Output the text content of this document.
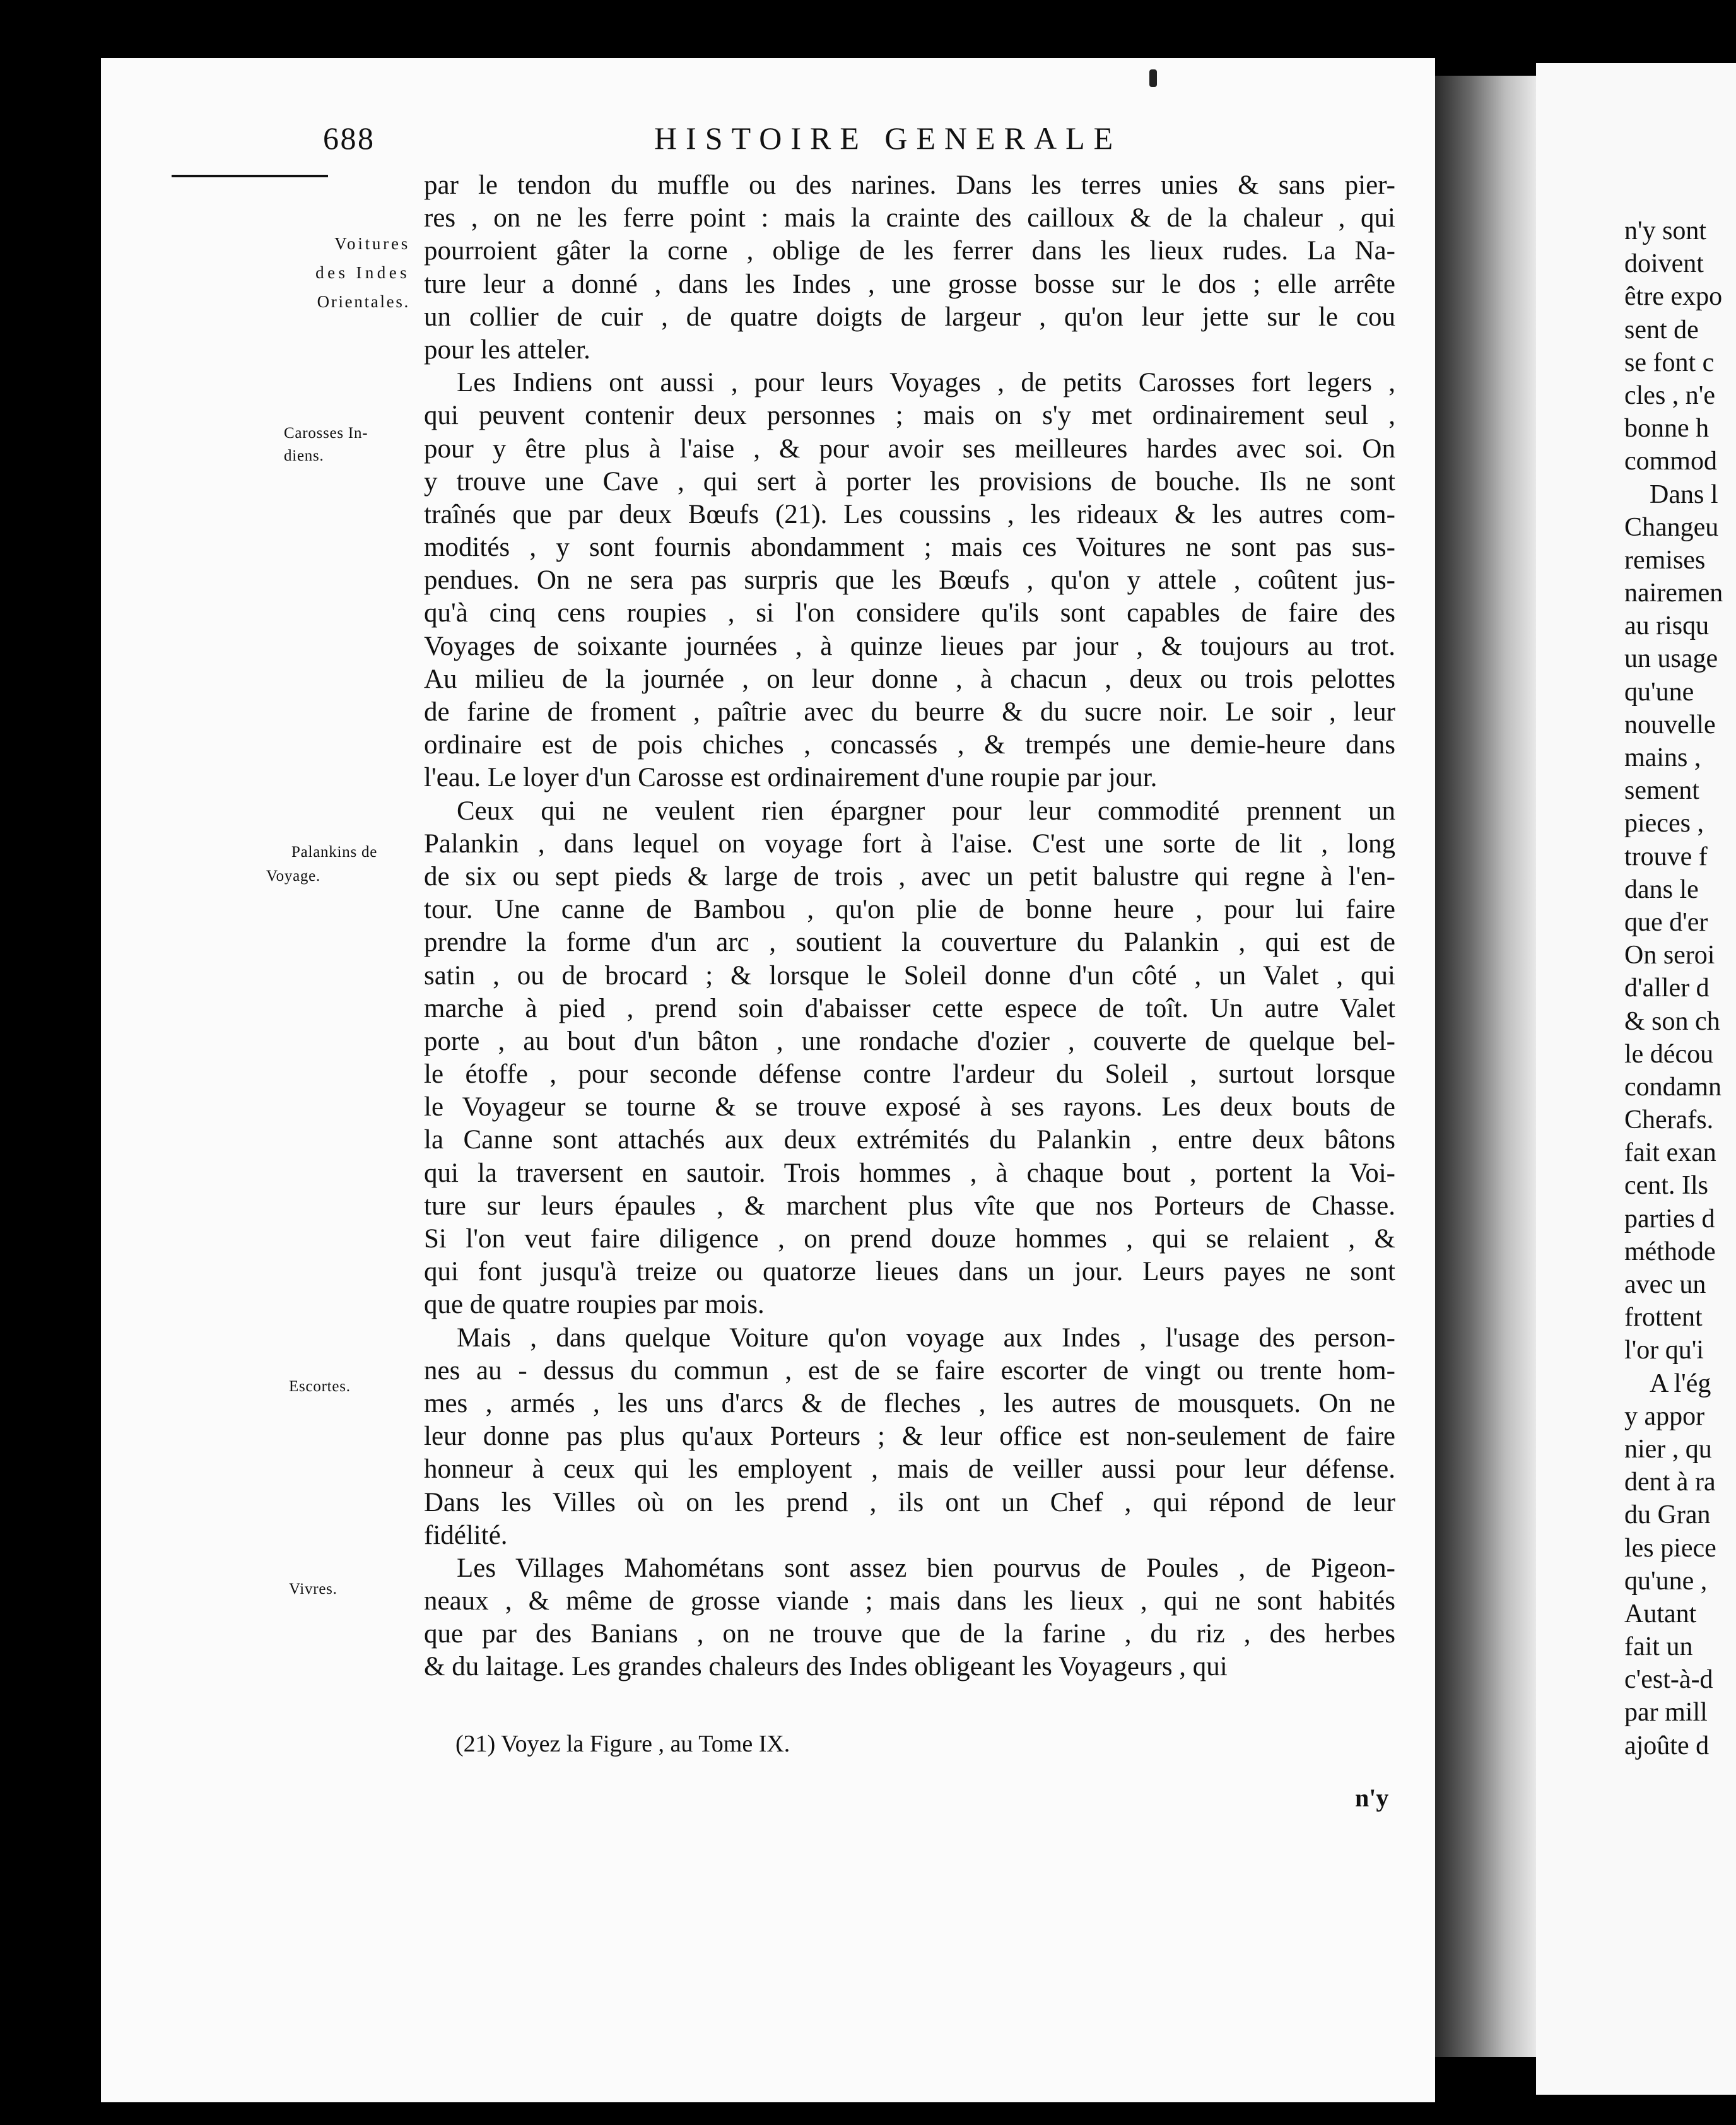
688	HISTOIRE GENERALE
Voitures
des Indes
Orientales.
Carosses In-
diens.
Palankins de
Voyage.
Escortes.
Vivres.
par le tendon du muffle ou des narines. Dans les terres unies & sans pier-
res , on ne les ferre point : mais la crainte des cailloux & de la chaleur , qui
pourroient gâter la corne , oblige de les ferrer dans les lieux rudes. La Na-
ture leur a donné , dans les Indes , une grosse bosse sur le dos ; elle arrête
un collier de cuir , de quatre doigts de largeur , qu'on leur jette sur le cou
pour les atteler.
Les Indiens ont aussi , pour leurs Voyages , de petits Carosses fort legers ,
qui peuvent contenir deux personnes ; mais on s'y met ordinairement seul ,
pour y être plus à l'aise , & pour avoir ses meilleures hardes avec soi. On
y trouve une Cave , qui sert à porter les provisions de bouche. Ils ne sont
traînés que par deux Bœufs (21). Les coussins , les rideaux & les autres com-
modités , y sont fournis abondamment ; mais ces Voitures ne sont pas sus-
pendues. On ne sera pas surpris que les Bœufs , qu'on y attele , coûtent jus-
qu'à cinq cens roupies , si l'on considere qu'ils sont capables de faire des
Voyages de soixante journées , à quinze lieues par jour , & toujours au trot.
Au milieu de la journée , on leur donne , à chacun , deux ou trois pelottes
de farine de froment , paîtrie avec du beurre & du sucre noir. Le soir , leur
ordinaire est de pois chiches , concassés , & trempés une demie-heure dans
l'eau. Le loyer d'un Carosse est ordinairement d'une roupie par jour.
Ceux qui ne veulent rien épargner pour leur commodité prennent un
Palankin , dans lequel on voyage fort à l'aise. C'est une sorte de lit , long
de six ou sept pieds & large de trois , avec un petit balustre qui regne à l'en-
tour. Une canne de Bambou , qu'on plie de bonne heure , pour lui faire
prendre la forme d'un arc , soutient la couverture du Palankin , qui est de
satin , ou de brocard ; & lorsque le Soleil donne d'un côté , un Valet , qui
marche à pied , prend soin d'abaisser cette espece de toît. Un autre Valet
porte , au bout d'un bâton , une rondache d'ozier , couverte de quelque bel-
le étoffe , pour seconde défense contre l'ardeur du Soleil , surtout lorsque
le Voyageur se tourne & se trouve exposé à ses rayons. Les deux bouts de
la Canne sont attachés aux deux extrémités du Palankin , entre deux bâtons
qui la traversent en sautoir. Trois hommes , à chaque bout , portent la Voi-
ture sur leurs épaules , & marchent plus vîte que nos Porteurs de Chasse.
Si l'on veut faire diligence , on prend douze hommes , qui se relaient , &
qui font jusqu'à treize ou quatorze lieues dans un jour. Leurs payes ne sont
que de quatre roupies par mois.
Mais , dans quelque Voiture qu'on voyage aux Indes , l'usage des person-
nes au - dessus du commun , est de se faire escorter de vingt ou trente hom-
mes , armés , les uns d'arcs & de fleches , les autres de mousquets. On ne
leur donne pas plus qu'aux Porteurs ; & leur office est non-seulement de faire
honneur à ceux qui les employent , mais de veiller aussi pour leur défense.
Dans les Villes où on les prend , ils ont un Chef , qui répond de leur
fidélité.
Les Villages Mahométans sont assez bien pourvus de Poules , de Pigeon-
neaux , & même de grosse viande ; mais dans les lieux , qui ne sont habités
que par des Banians , on ne trouve que de la farine , du riz , des herbes
& du laitage. Les grandes chaleurs des Indes obligeant les Voyageurs , qui
(21) Voyez la Figure , au Tome IX.
n'y
n'y sont
doivent
être expo
sent de
se font c
cles , n'e
bonne h
commod
Dans l
Changeu
remises
nairemen
au risqu
un usage
qu'une
nouvelle
mains ,
sement
pieces ,
trouve f
dans le
que d'er
On seroi
d'aller d
& son ch
le décou
condamn
Cherafs.
fait exan
cent. Ils
parties d
méthode
avec un
frottent
l'or qu'i
A l'ég
y appor
nier , qu
dent à ra
du Gran
les piece
qu'une ,
Autant
fait un
c'est-à-d
par mill
ajoûte d
